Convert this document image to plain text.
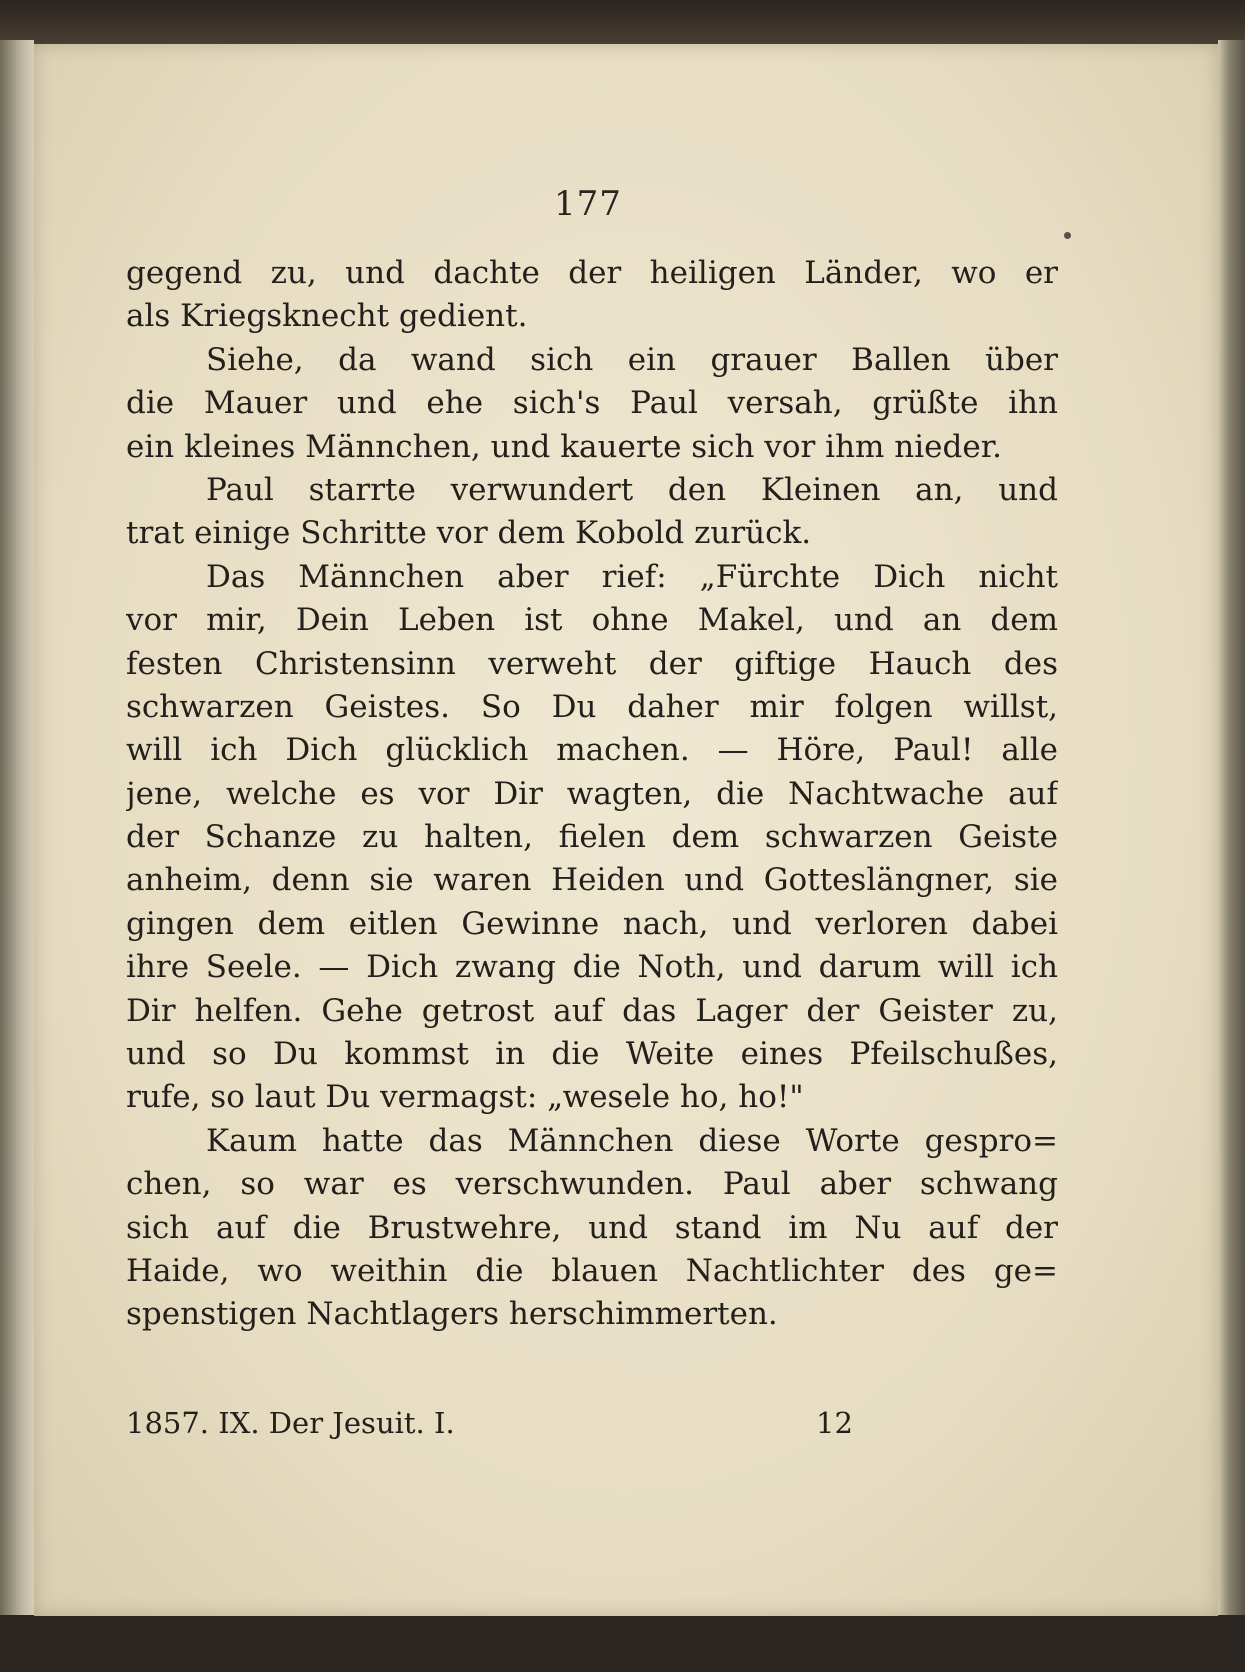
177
gegend zu, und dachte der heiligen Länder, wo er
als Kriegsknecht gedient.
Siehe, da wand sich ein grauer Ballen über
die Mauer und ehe sich's Paul versah, grüßte ihn
ein kleines Männchen, und kauerte sich vor ihm nieder.
Paul starrte verwundert den Kleinen an, und
trat einige Schritte vor dem Kobold zurück.
Das Männchen aber rief: „Fürchte Dich nicht
vor mir, Dein Leben ist ohne Makel, und an dem
festen Christensinn verweht der giftige Hauch des
schwarzen Geistes. So Du daher mir folgen willst,
will ich Dich glücklich machen. — Höre, Paul! alle
jene, welche es vor Dir wagten, die Nachtwache auf
der Schanze zu halten, fielen dem schwarzen Geiste
anheim, denn sie waren Heiden und Gotteslängner, sie
gingen dem eitlen Gewinne nach, und verloren dabei
ihre Seele. — Dich zwang die Noth, und darum will ich
Dir helfen. Gehe getrost auf das Lager der Geister zu,
und so Du kommst in die Weite eines Pfeilschußes,
rufe, so laut Du vermagst: „wesele ho, ho!"
Kaum hatte das Männchen diese Worte gespro=
chen, so war es verschwunden. Paul aber schwang
sich auf die Brustwehre, und stand im Nu auf der
Haide, wo weithin die blauen Nachtlichter des ge=
spenstigen Nachtlagers herschimmerten.
1857. IX. Der Jesuit. I.	12
